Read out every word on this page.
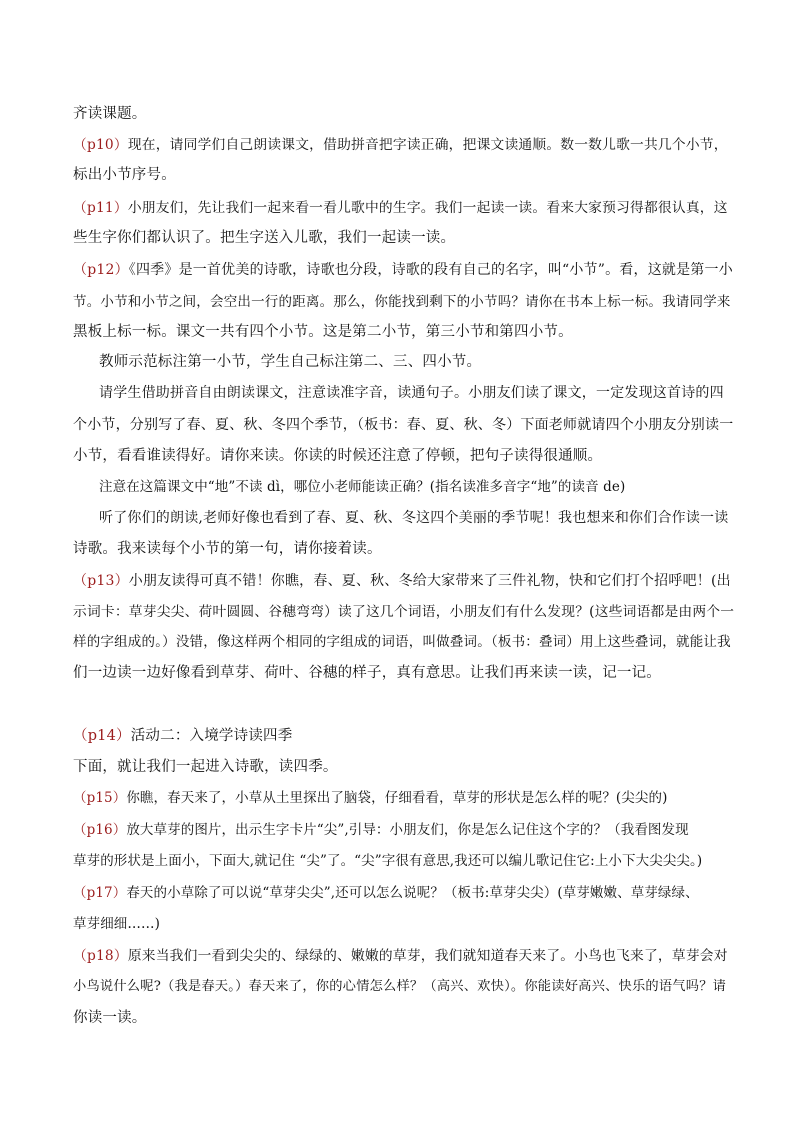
齐读课题。

（p10）现在，请同学们自己朗读课文，借助拼音把字读正确，把课文读通顺。数一数儿歌一共几个小节，

标出小节序号。

（p11）小朋友们，先让我们一起来看一看儿歌中的生字。我们一起读一读。看来大家预习得都很认真，这

些生字你们都认识了。把生字送入儿歌，我们一起读一读。

（p12）《四季》是一首优美的诗歌，诗歌也分段，诗歌的段有自己的名字，叫“小节”。看，这就是第一小

节。小节和小节之间，会空出一行的距离。那么，你能找到剩下的小节吗？请你在书本上标一标。我请同学来

黑板上标一标。课文一共有四个小节。这是第二小节，第三小节和第四小节。

教师示范标注第一小节，学生自己标注第二、三、四小节。

请学生借助拼音自由朗读课文，注意读准字音，读通句子。小朋友们读了课文，一定发现这首诗的四

个小节，分别写了春、夏、秋、冬四个季节，（板书：春、夏、秋、冬）下面老师就请四个小朋友分别读一

小节，看看谁读得好。请你来读。你读的时候还注意了停顿，把句子读得很通顺。

注意在这篇课文中“地”不读 dì，哪位小老师能读正确？(指名读准多音字“地”的读音 de)

听了你们的朗读,老师好像也看到了春、夏、秋、冬这四个美丽的季节呢！我也想来和你们合作读一读

诗歌。我来读每个小节的第一句，请你接着读。

（p13）小朋友读得可真不错！你瞧，春、夏、秋、冬给大家带来了三件礼物，快和它们打个招呼吧！(出

示词卡：草芽尖尖、荷叶圆圆、谷穗弯弯）读了这几个词语，小朋友们有什么发现？(这些词语都是由两个一

样的字组成的。）没错，像这样两个相同的字组成的词语，叫做叠词。（板书：叠词）用上这些叠词，就能让我

们一边读一边好像看到草芽、荷叶、谷穗的样子，真有意思。让我们再来读一读，记一记。

（p14）活动二：入境学诗读四季

下面，就让我们一起进入诗歌，读四季。

（p15）你瞧，春天来了，小草从土里探出了脑袋，仔细看看，草芽的形状是怎么样的呢？(尖尖的)

（p16）放大草芽的图片，出示生字卡片“尖”,引导：小朋友们，你是怎么记住这个字的？（我看图发现

草芽的形状是上面小，下面大,就记住 “尖”了。“尖”字很有意思,我还可以编儿歌记住它:上小下大尖尖尖。)

（p17）春天的小草除了可以说“草芽尖尖”,还可以怎么说呢？（板书:草芽尖尖）(草芽嫩嫩、草芽绿绿、

草芽细细……)

（p18）原来当我们一看到尖尖的、绿绿的、嫩嫩的草芽，我们就知道春天来了。小鸟也飞来了，草芽会对

小鸟说什么呢?（我是春天。）春天来了，你的心情怎么样？（高兴、欢快）。你能读好高兴、快乐的语气吗？请

你读一读。
